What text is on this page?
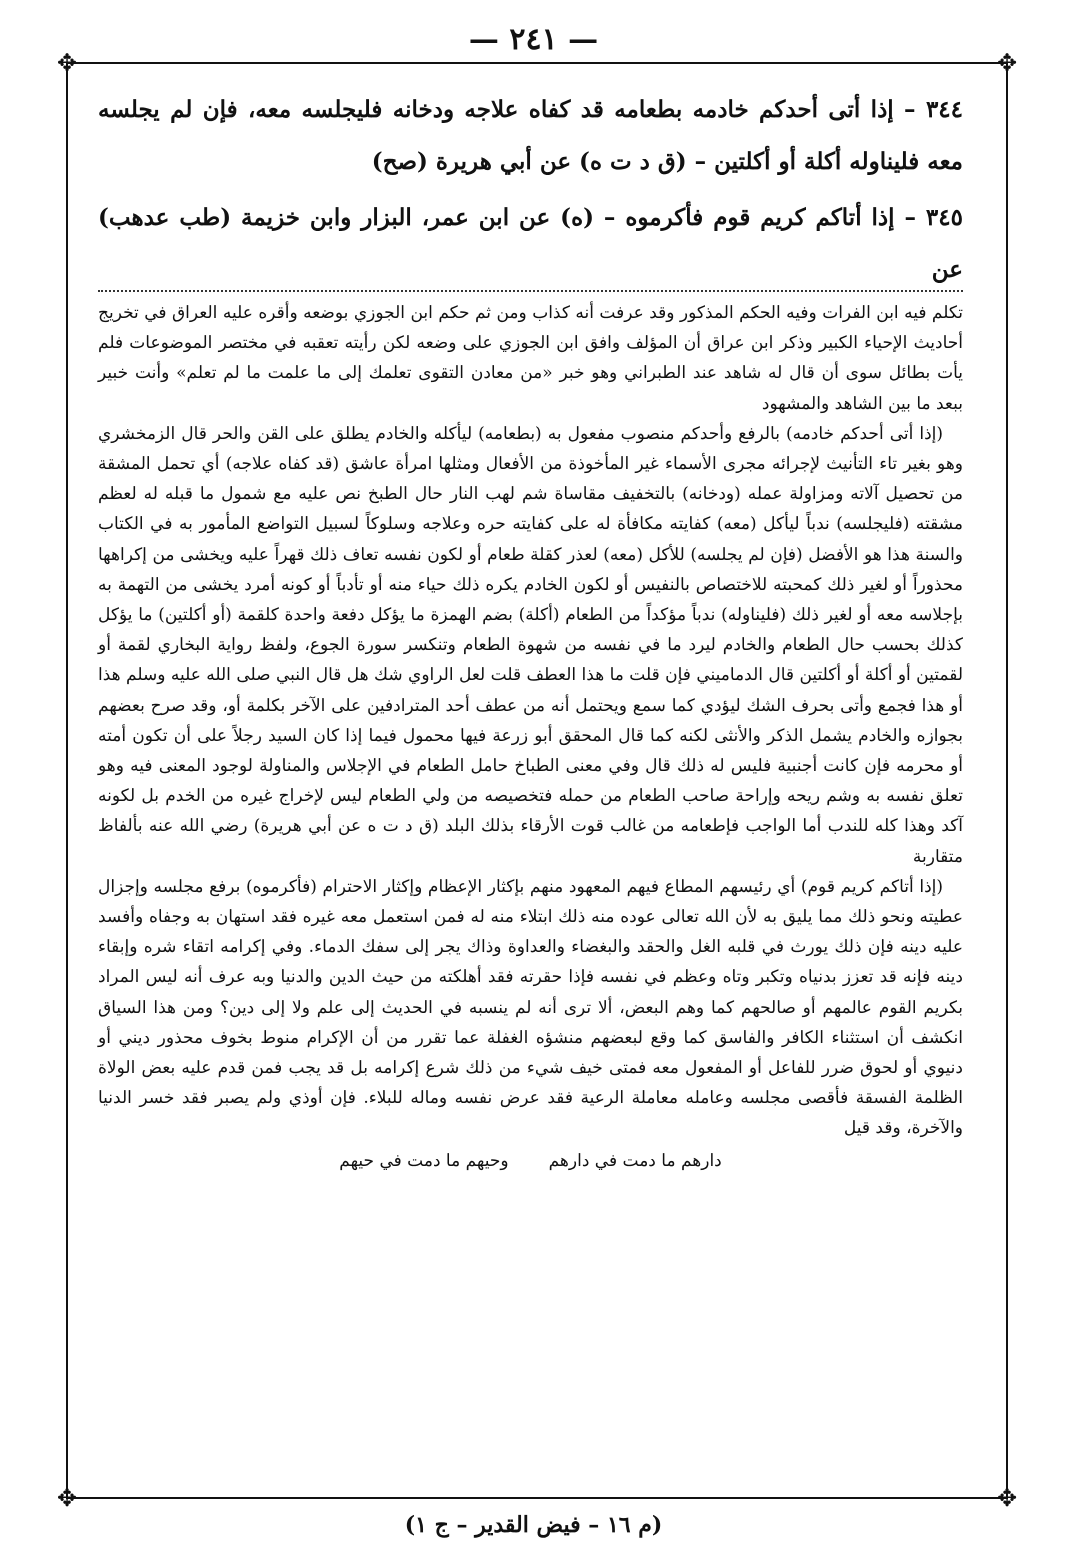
— ٢٤١ —
✥	✥
✥	✥

٣٤٤ – إذا أتى أحدكم خادمه بطعامه قد كفاه علاجه ودخانه فليجلسه معه، فإن لم يجلسه معه فليناوله أكلة أو أكلتين – (ق د ت ه) عن أبي هريرة (صح)

٣٤٥ – إذا أتاكم كريم قوم فأكرموه – (ه) عن ابن عمر، البزار وابن خزيمة (طب عدهب) عن

تكلم فيه ابن الفرات وفيه الحكم المذكور وقد عرفت أنه كذاب ومن ثم حكم ابن الجوزي بوضعه وأقره عليه العراق في تخريج أحاديث الإحياء الكبير وذكر ابن عراق أن المؤلف وافق ابن الجوزي على وضعه لكن رأيته تعقبه في مختصر الموضوعات فلم يأت بطائل سوى أن قال له شاهد عند الطبراني وهو خبر «من معادن التقوى تعلمك إلى ما علمت ما لم تعلم» وأنت خبير ببعد ما بين الشاهد والمشهود

(إذا أتى أحدكم خادمه) بالرفع وأحدكم منصوب مفعول به (بطعامه) ليأكله والخادم يطلق على القن والحر قال الزمخشري وهو بغير تاء التأنيث لإجرائه مجرى الأسماء غير المأخوذة من الأفعال ومثلها امرأة عاشق (قد كفاه علاجه) أي تحمل المشقة من تحصيل آلاته ومزاولة عمله (ودخانه) بالتخفيف مقاساة شم لهب النار حال الطبخ نص عليه مع شمول ما قبله له لعظم مشقته (فليجلسه) ندباً ليأكل (معه) كفايته مكافأة له على كفايته حره وعلاجه وسلوكاً لسبيل التواضع المأمور به في الكتاب والسنة هذا هو الأفضل (فإن لم يجلسه) للأكل (معه) لعذر كقلة طعام أو لكون نفسه تعاف ذلك قهراً عليه ويخشى من إكراهها محذوراً أو لغير ذلك كمحبته للاختصاص بالنفيس أو لكون الخادم يكره ذلك حياء منه أو تأدباً أو كونه أمرد يخشى من التهمة به بإجلاسه معه أو لغير ذلك (فليناوله) ندباً مؤكداً من الطعام (أكلة) بضم الهمزة ما يؤكل دفعة واحدة كلقمة (أو أكلتين) ما يؤكل كذلك بحسب حال الطعام والخادم ليرد ما في نفسه من شهوة الطعام وتنكسر سورة الجوع، ولفظ رواية البخاري لقمة أو لقمتين أو أكلة أو أكلتين قال الدماميني فإن قلت ما هذا العطف قلت لعل الراوي شك هل قال النبي صلى الله عليه وسلم هذا أو هذا فجمع وأتى بحرف الشك ليؤدي كما سمع ويحتمل أنه من عطف أحد المترادفين على الآخر بكلمة أو، وقد صرح بعضهم بجوازه والخادم يشمل الذكر والأنثى لكنه كما قال المحقق أبو زرعة فيها محمول فيما إذا كان السيد رجلاً على أن تكون أمته أو محرمه فإن كانت أجنبية فليس له ذلك قال وفي معنى الطباخ حامل الطعام في الإجلاس والمناولة لوجود المعنى فيه وهو تعلق نفسه به وشم ريحه وإراحة صاحب الطعام من حمله فتخصيصه من ولي الطعام ليس لإخراج غيره من الخدم بل لكونه آكد وهذا كله للندب أما الواجب فإطعامه من غالب قوت الأرقاء بذلك البلد (ق د ت ه عن أبي هريرة) رضي الله عنه بألفاظ متقاربة

(إذا أتاكم كريم قوم) أي رئيسهم المطاع فيهم المعهود منهم بإكثار الإعظام وإكثار الاحترام (فأكرموه) برفع مجلسه وإجزال عطيته ونحو ذلك مما يليق به لأن الله تعالى عوده منه ذلك ابتلاء منه له فمن استعمل معه غيره فقد استهان به وجفاه وأفسد عليه دينه فإن ذلك يورث في قلبه الغل والحقد والبغضاء والعداوة وذاك يجر إلى سفك الدماء. وفي إكرامه اتقاء شره وإبقاء دينه فإنه قد تعزز بدنياه وتكبر وتاه وعظم في نفسه فإذا حقرته فقد أهلكته من حيث الدين والدنيا وبه عرف أنه ليس المراد بكريم القوم عالمهم أو صالحهم كما وهم البعض، ألا ترى أنه لم ينسبه في الحديث إلى علم ولا إلى دين؟ ومن هذا السياق انكشف أن استثناء الكافر والفاسق كما وقع لبعضهم منشؤه الغفلة عما تقرر من أن الإكرام منوط بخوف محذور ديني أو دنيوي أو لحوق ضرر للفاعل أو المفعول معه فمتى خيف شيء من ذلك شرع إكرامه بل قد يجب فمن قدم عليه بعض الولاة الظلمة الفسقة فأقصى مجلسه وعامله معاملة الرعية فقد عرض نفسه وماله للبلاء. فإن أوذي ولم يصبر فقد خسر الدنيا والآخرة، وقد قيل

دارهم ما دمت في دارهم
وحيهم ما دمت في حيهم
(م ١٦ – فيض القدير – ج ١)
